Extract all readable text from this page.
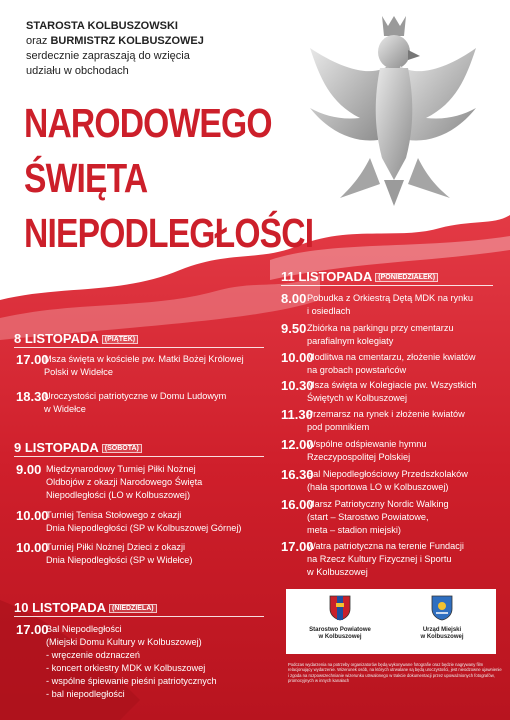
STAROSTA KOLBUSZOWSKI
oraz BURMISTRZ KOLBUSZOWEJ
serdecznie zapraszają do wzięcia
udziału w obchodach
NARODOWEGO
ŚWIĘTA
NIEPODLEGŁOŚCI
8 LISTOPADA $^{(PIĄTEK)}$
17.00
Msza święta w kościele pw. Matki Bożej Królowej
Polski w Widełce
18.30
Uroczystości patriotyczne w Domu Ludowym
w Widełce
9 LISTOPADA $^{(SOBOTA)}$
9.00 Międzynarodowy Turniej Piłki Nożnej
Oldbojów z okazji Narodowego Święta
Niepodległości (LO w Kolbuszowej)
10.00
Turniej Tenisa Stołowego z okazji
Dnia Niepodległości (SP w Kolbuszowej Górnej)
10.00
Turniej Piłki Nożnej Dzieci z okazji
Dnia Niepodległości (SP w Widełce)
10 LISTOPADA $^{(NIEDZIELA)}$
17.00
Bal Niepodległości
(Miejski Domu Kultury w Kolbuszowej)
- wręczenie odznaczeń
- koncert orkiestry MDK w Kolbuszowej
- wspólne śpiewanie pieśni patriotycznych
- bal niepodległości
11 LISTOPADA $^{(PONIEDZIAŁEK)}$
8.00 Pobudka z Orkiestrą Dętą MDK na rynku
i osiedlach
9.50 Zbiórka na parkingu przy cmentarzu
parafialnym kolegiaty
10.00
Modlitwa na cmentarzu, złożenie kwiatów
na grobach powstańców
10.30
Msza święta w Kolegiacie pw. Wszystkich
Świętych w Kolbuszowej
11.30
Przemarsz na rynek i złożenie kwiatów
pod pomnikiem
12.00
Wspólne odśpiewanie hymnu
Rzeczypospolitej Polskiej
16.30
Bal Niepodległościowy Przedszkolaków
(hala sportowa LO w Kolbuszowej)
16.00
Marsz Patriotyczny Nordic Walking
(start – Starostwo Powiatowe,
meta – stadion miejski)
17.00
Watra patriotyczna na terenie Fundacji
na Rzecz Kultury Fizycznej i Sportu
w Kolbuszowej
Starostwo Powiatowe
w Kolbuszowej
Urząd Miejski
w Kolbuszowej
Podczas wydarzenia na potrzeby organizatorów będą wykonywane fotografie oraz będzie nagrywany film relacjonujący wydarzenie. Wizerunek osób, na których utrwalane są będą uroczystości, jest nieodzowne ujawnienie i zgoda na rozpowszechnianie wizerunku utrwalonego w trakcie dokumentacji przez upoważnionych fotografów, promocyjnych w innych kanałach
